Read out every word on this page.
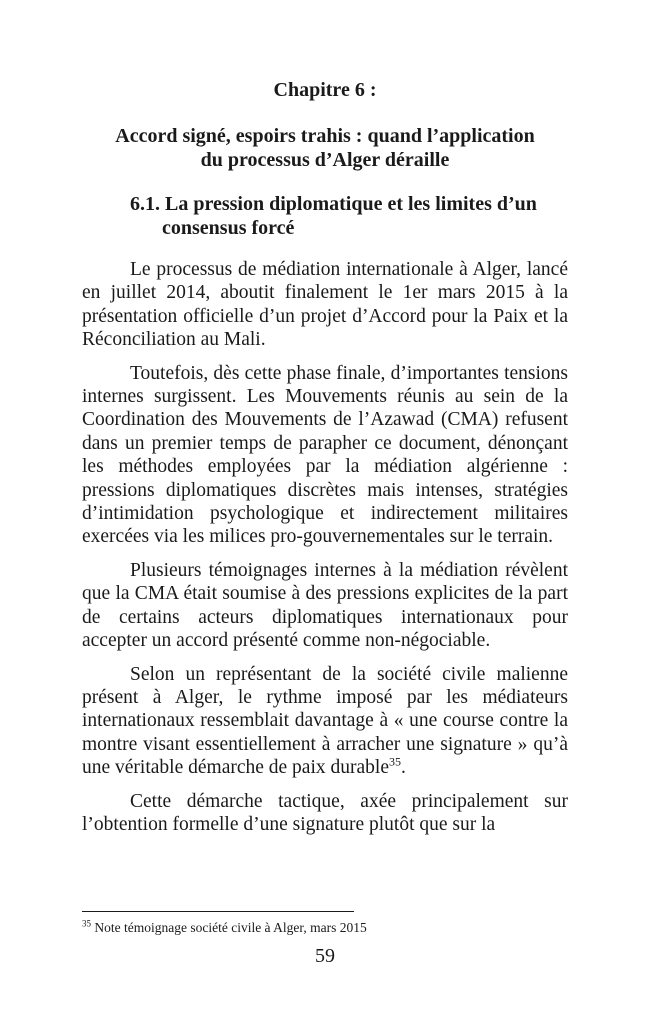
Chapitre 6 :
Accord signé, espoirs trahis : quand l’application
du processus d’Alger déraille
6.1. La pression diplomatique et les limites d’un consensus forcé

Le processus de médiation internationale à Alger, lancé en juillet 2014, aboutit finalement le 1er mars 2015 à la présentation officielle d’un projet d’Accord pour la Paix et la Réconciliation au Mali.

Toutefois, dès cette phase finale, d’importantes tensions internes surgissent. Les Mouvements réunis au sein de la Coordination des Mouvements de l’Azawad (CMA) refusent dans un premier temps de parapher ce document, dénonçant les méthodes employées par la médiation algérienne : pressions diplomatiques discrètes mais intenses, stratégies d’intimidation psychologique et indirectement militaires exercées via les milices pro-gouvernementales sur le terrain.

Plusieurs témoignages internes à la médiation révèlent que la CMA était soumise à des pressions explicites de la part de certains acteurs diplomatiques internationaux pour accepter un accord présenté comme non-négociable.

Selon un représentant de la société civile malienne présent à Alger, le rythme imposé par les médiateurs internationaux ressemblait davantage à « une course contre la montre visant essentiellement à arracher une signature » qu’à une véritable démarche de paix durable$^{35}$.

Cette démarche tactique, axée principalement sur l’obtention formelle d’une signature plutôt que sur la

$^{35}$ Note témoignage société civile à Alger, mars 2015

59
